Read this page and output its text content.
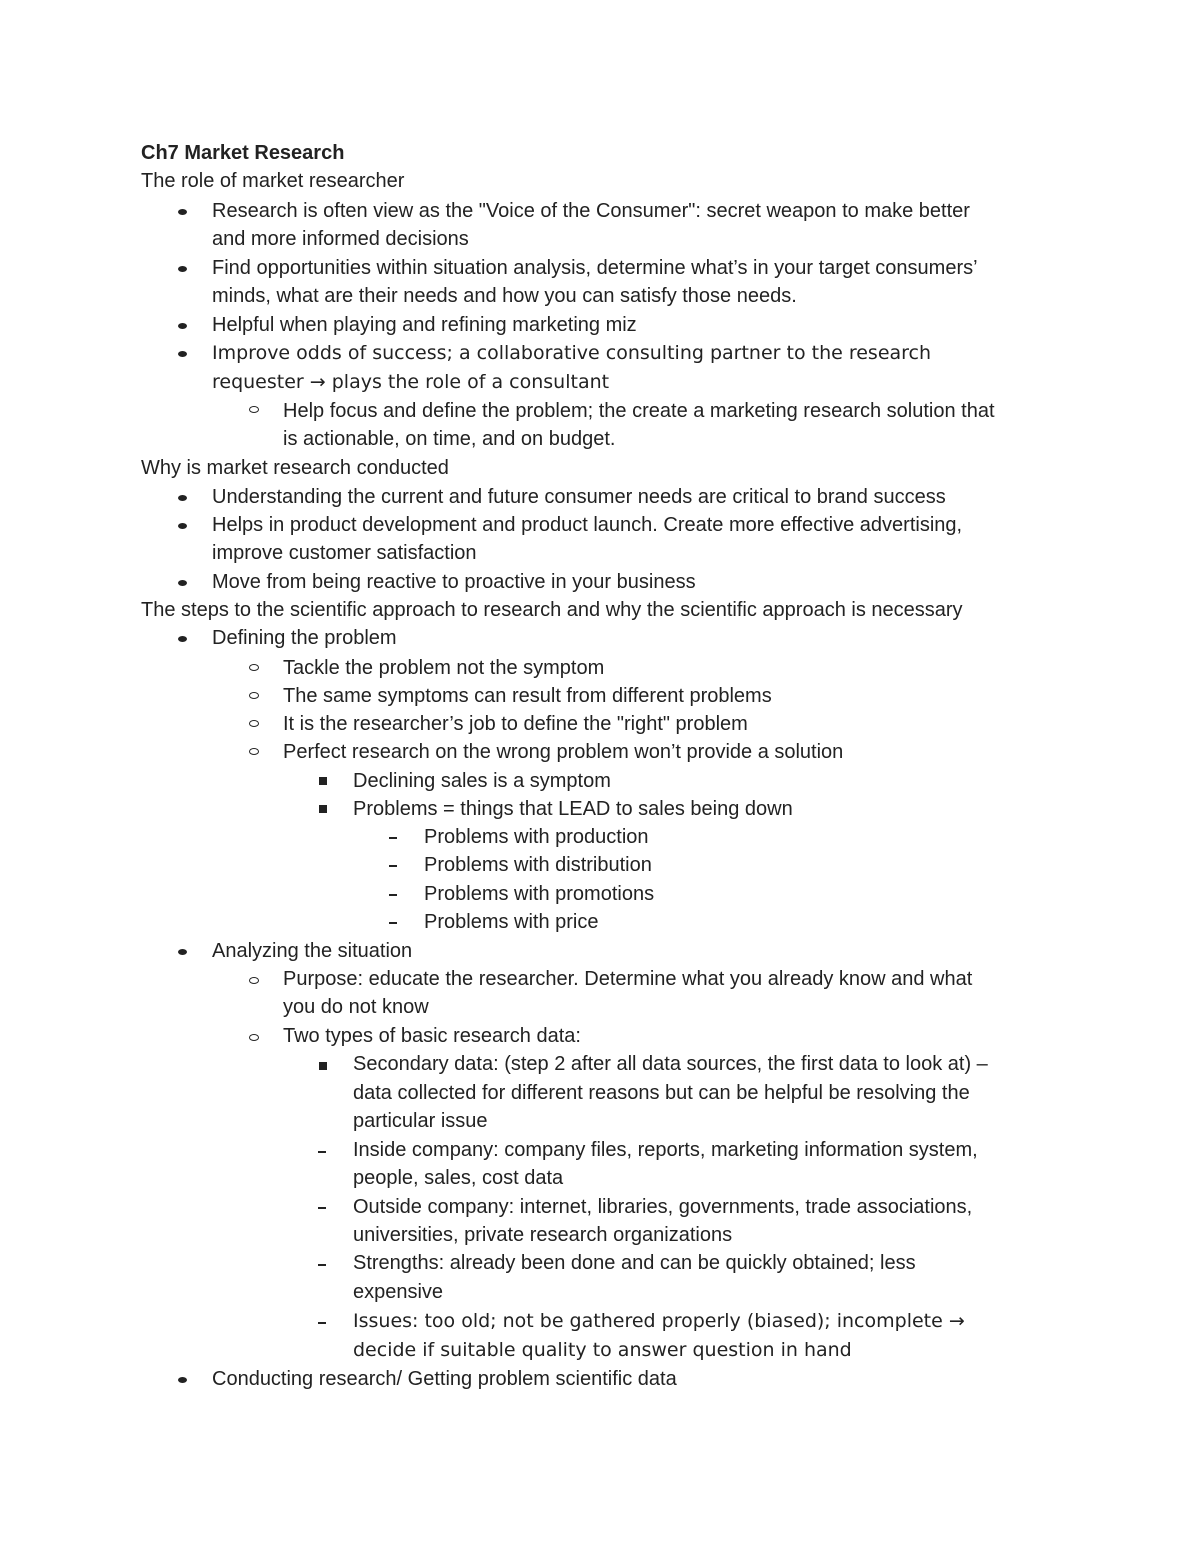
Ch7 Market Research
The role of market researcher
Research is often view as the "Voice of the Consumer": secret weapon to make better
and more informed decisions
Find opportunities within situation analysis, determine what’s in your target consumers’
minds, what are their needs and how you can satisfy those needs.
Helpful when playing and refining marketing miz
Improve odds of success; a collaborative consulting partner to the research
requester → plays the role of a consultant
Help focus and define the problem; the create a marketing research solution that
is actionable, on time, and on budget.
Why is market research conducted
Understanding the current and future consumer needs are critical to brand success
Helps in product development and product launch. Create more effective advertising,
improve customer satisfaction
Move from being reactive to proactive in your business
The steps to the scientific approach to research and why the scientific approach is necessary
Defining the problem
Tackle the problem not the symptom
The same symptoms can result from different problems
It is the researcher’s job to define the "right" problem
Perfect research on the wrong problem won’t provide a solution
Declining sales is a symptom
Problems = things that LEAD to sales being down
Problems with production
Problems with distribution
Problems with promotions
Problems with price
Analyzing the situation
Purpose: educate the researcher. Determine what you already know and what
you do not know
Two types of basic research data:
Secondary data: (step 2 after all data sources, the first data to look at) –
data collected for different reasons but can be helpful be resolving the
particular issue
Inside company: company files, reports, marketing information system,
people, sales, cost data
Outside company: internet, libraries, governments, trade associations,
universities, private research organizations
Strengths: already been done and can be quickly obtained; less
expensive
Issues: too old; not be gathered properly (biased); incomplete →
decide if suitable quality to answer question in hand
Conducting research/ Getting problem scientific data
